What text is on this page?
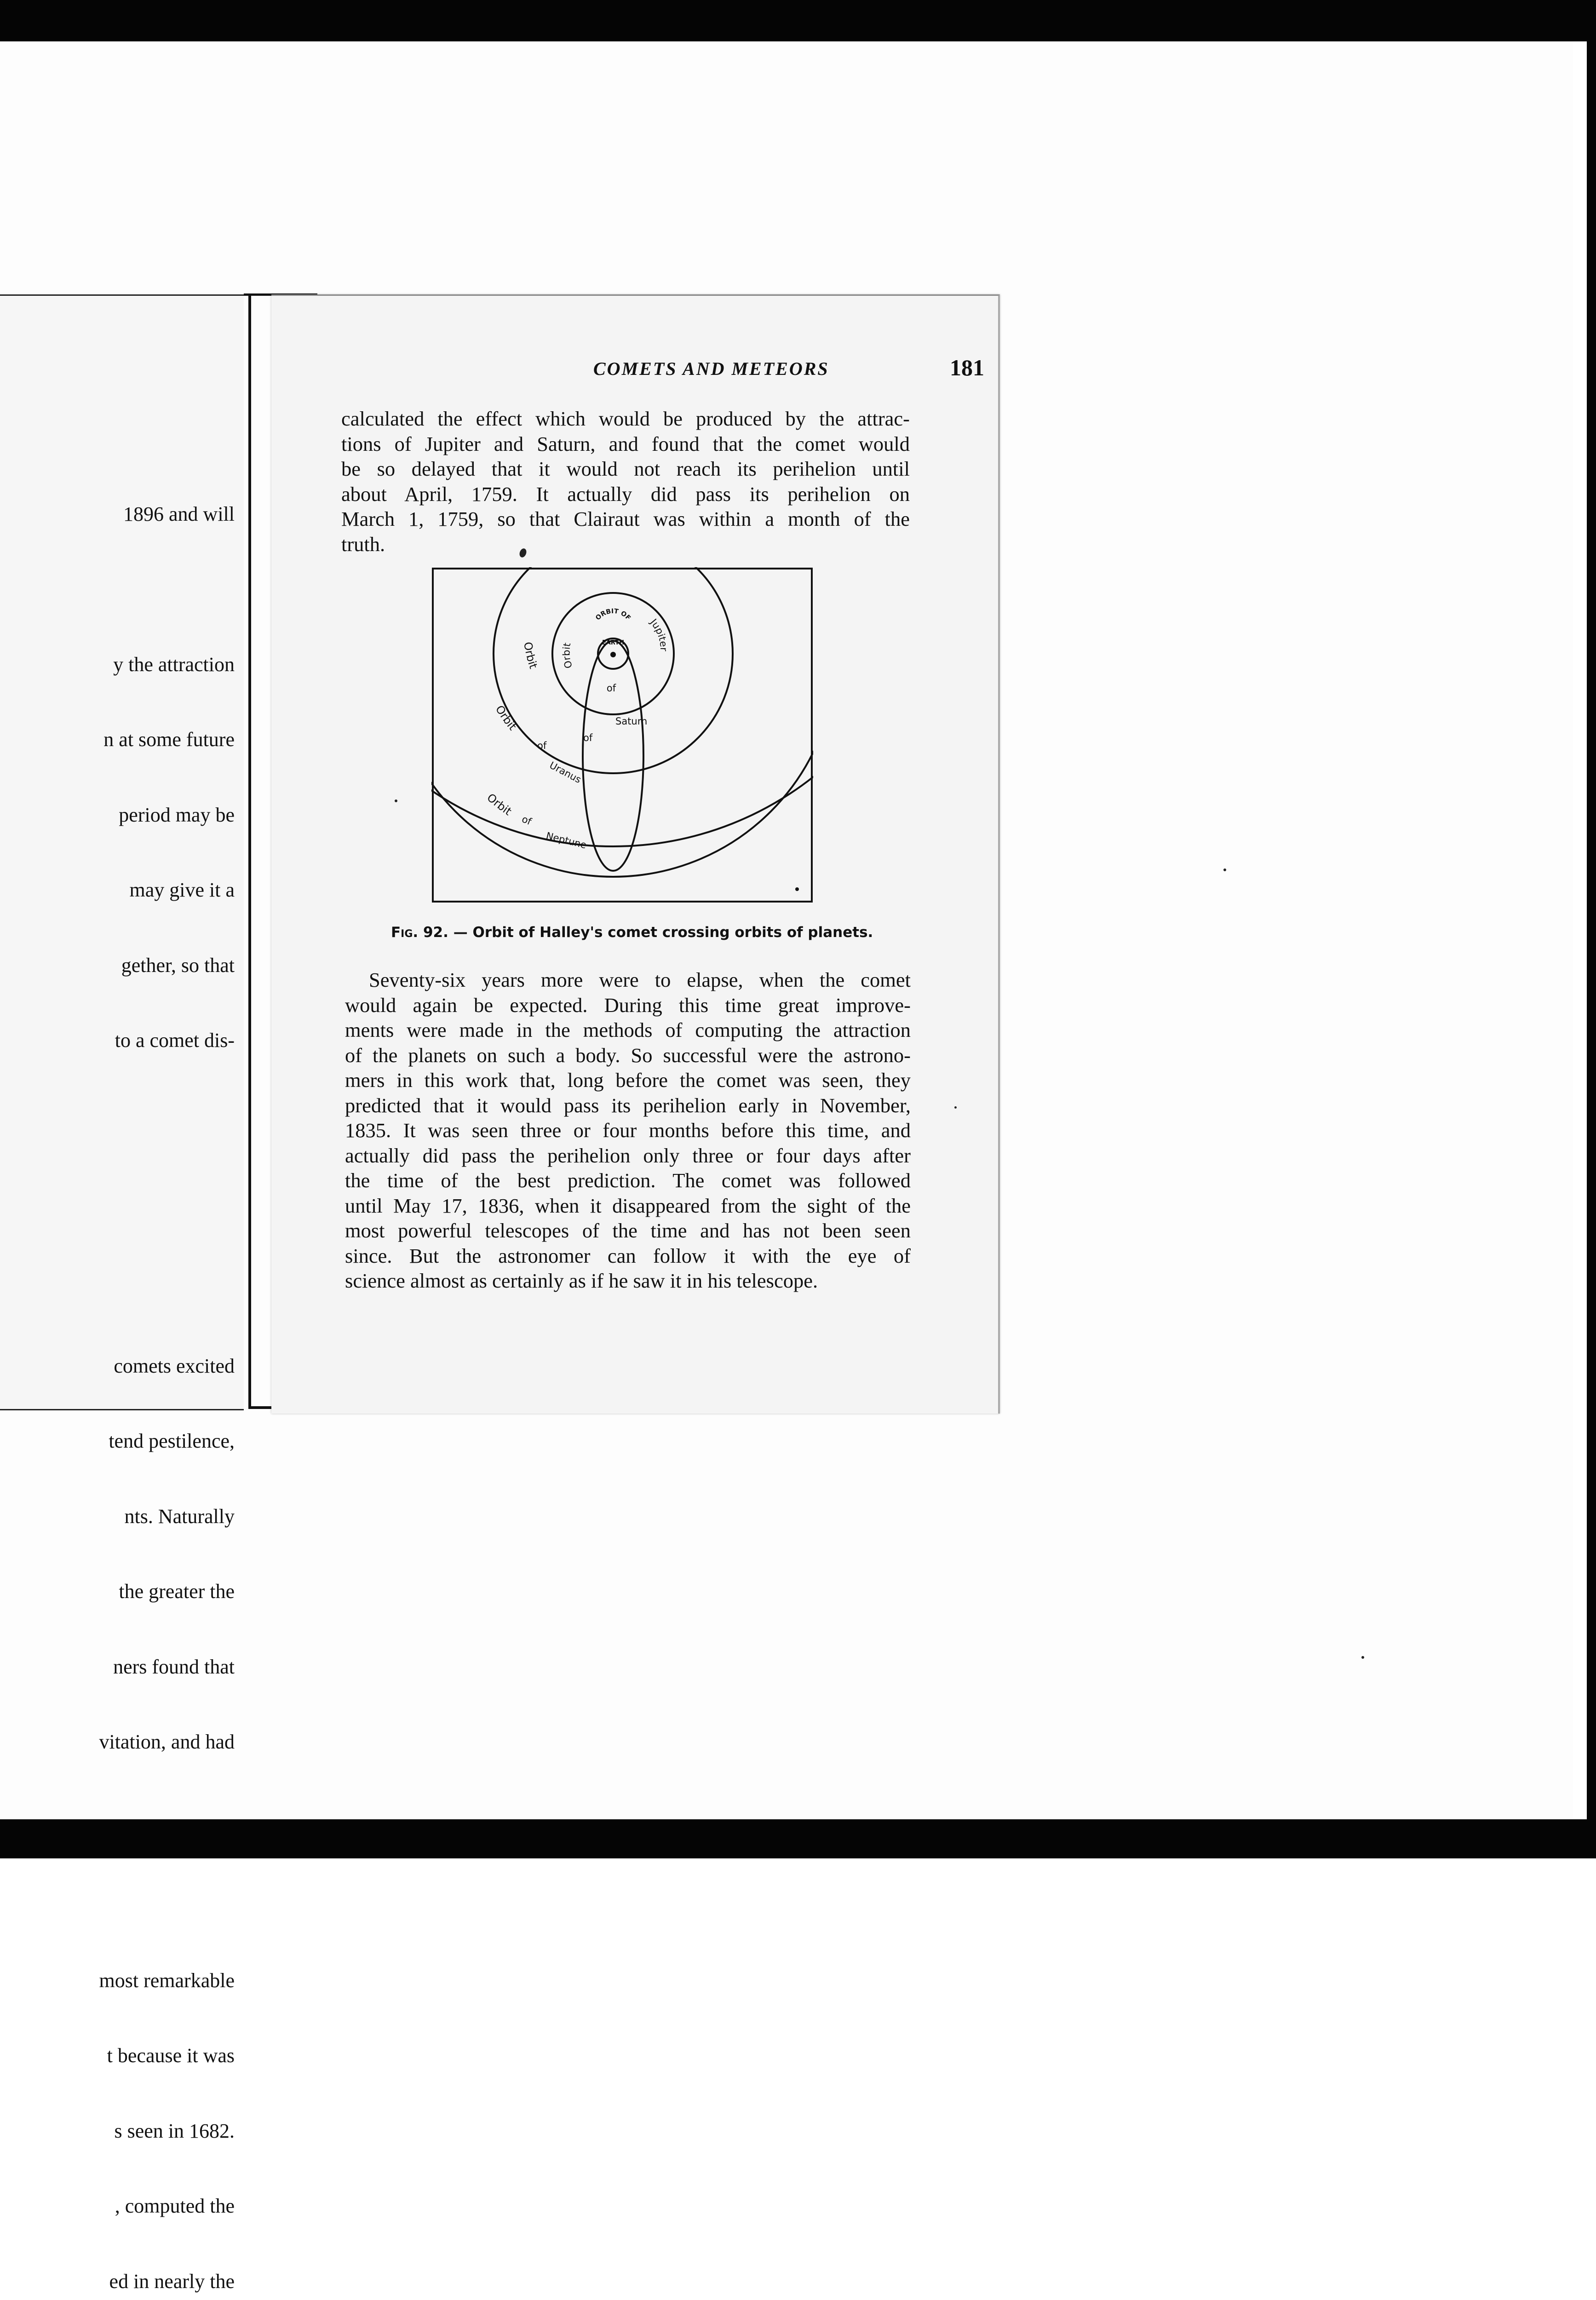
1896 and will

y the attraction

n at some future

period may be

may give it a

gether, so that

to a comet dis-

comets excited

tend pestilence,

nts. Naturally

the greater the

ners found that

vitation, and had

most remarkable

t because it was

s seen in 1682.

, computed the

ed in nearly the

COMETS AND METEORS	181
calculated the effect which would be produced by the attrac-
tions of Jupiter and Saturn, and found that the comet would
be so delayed that it would not reach its perihelion until
about April, 1759. It actually did pass its perihelion on
March 1, 1759, so that Clairaut was within a month of the
truth.
ORBIT OF
EARTH
Orbit
of
Jupiter
Orbit
of
Saturn
Orbit
of
Uranus
Orbit
of
Neptune
Fig. 92. — Orbit of Halley's comet crossing orbits of planets.
Seventy-six years more were to elapse, when the comet
would again be expected. During this time great improve-
ments were made in the methods of computing the attraction
of the planets on such a body. So successful were the astrono-
mers in this work that, long before the comet was seen, they
predicted that it would pass its perihelion early in November,
1835. It was seen three or four months before this time, and
actually did pass the perihelion only three or four days after
the time of the best prediction. The comet was followed
until May 17, 1836, when it disappeared from the sight of the
most powerful telescopes of the time and has not been seen
since. But the astronomer can follow it with the eye of
science almost as certainly as if he saw it in his telescope.
